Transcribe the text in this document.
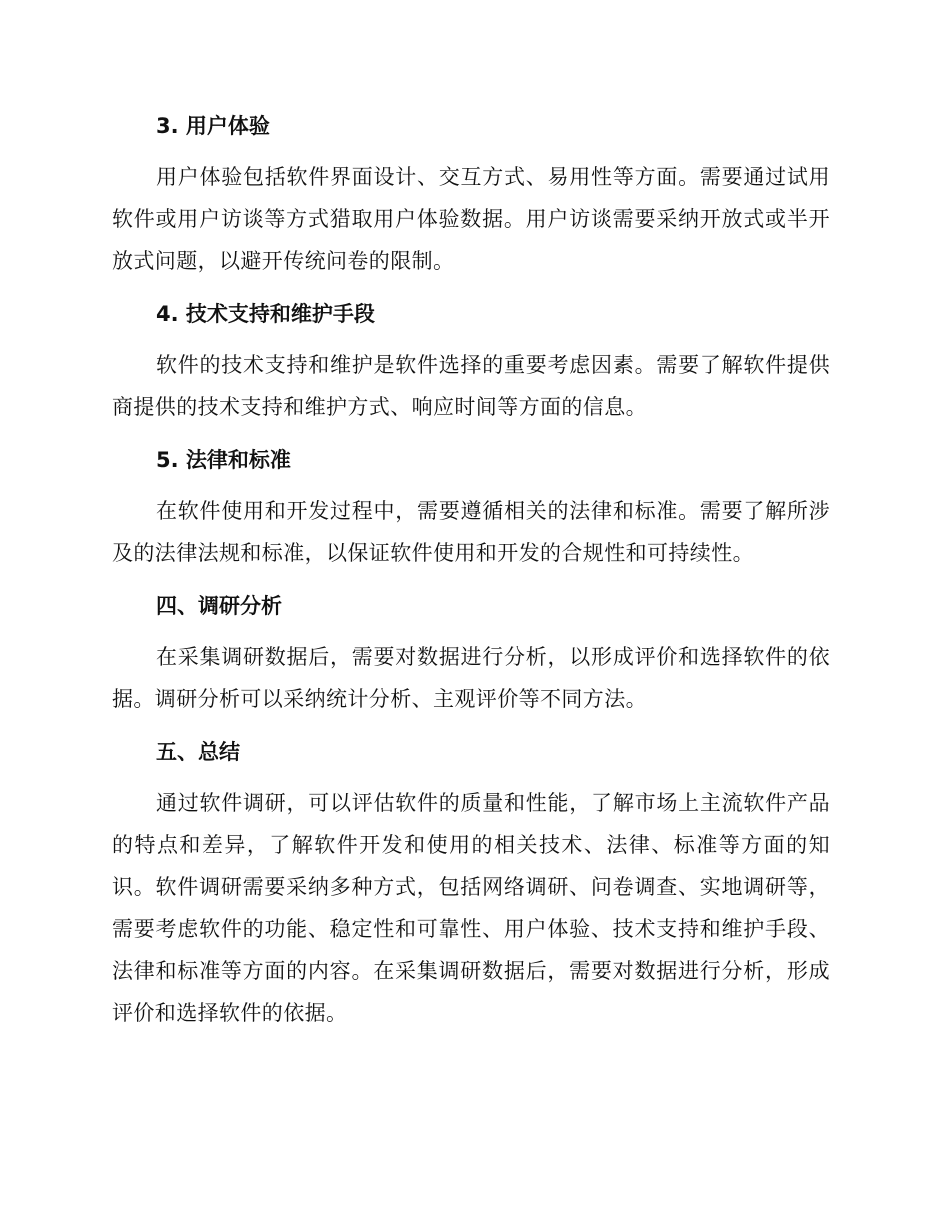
3. 用户体验

用户体验包括软件界面设计、交互方式、易用性等方面。需要通过试用软件或用户访谈等方式猎取用户体验数据。用户访谈需要采纳开放式或半开放式问题，以避开传统问卷的限制。

4. 技术支持和维护手段

软件的技术支持和维护是软件选择的重要考虑因素。需要了解软件提供商提供的技术支持和维护方式、响应时间等方面的信息。

5. 法律和标准

在软件使用和开发过程中，需要遵循相关的法律和标准。需要了解所涉及的法律法规和标准，以保证软件使用和开发的合规性和可持续性。

四、调研分析

在采集调研数据后，需要对数据进行分析，以形成评价和选择软件的依据。调研分析可以采纳统计分析、主观评价等不同方法。

五、总结

通过软件调研，可以评估软件的质量和性能，了解市场上主流软件产品的特点和差异，了解软件开发和使用的相关技术、法律、标准等方面的知识。软件调研需要采纳多种方式，包括网络调研、问卷调查、实地调研等，需要考虑软件的功能、稳定性和可靠性、用户体验、技术支持和维护手段、法律和标准等方面的内容。在采集调研数据后，需要对数据进行分析，形成评价和选择软件的依据。
